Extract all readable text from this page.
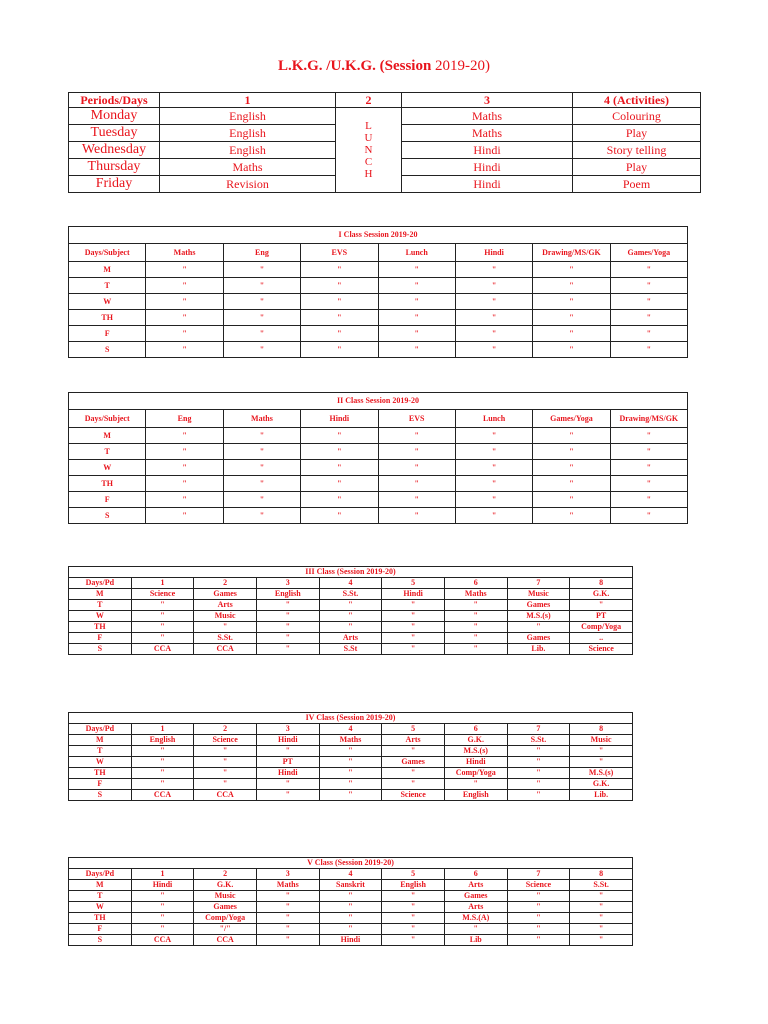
L.K.G. /U.K.G. (Session 2019-20)
Periods/Days	1	2	3	4 (Activities)
Monday	English	L U N C H	Maths	Colouring
Tuesday	English		Maths	Play
Wednesday	English		Hindi	Story telling
Thursday	Maths		Hindi	Play
Friday	Revision		Hindi	Poem
I Class Session 2019-20							
Days/Subject	Maths	Eng	EVS	Lunch	Hindi	Drawing/MS/GK	Games/Yoga
M	"	"	"	"	"	"	"
T	"	"	"	"	"	"	"
W	"	"	"	"	"	"	"
TH	"	"	"	"	"	"	"
F	"	"	"	"	"	"	"
S	"	"	"	"	"	"	"
II Class Session 2019-20							
Days/Subject	Eng	Maths	Hindi	EVS	Lunch	Games/Yoga	Drawing/MS/GK
M	"	"	"	"	"	"	"
T	"	"	"	"	"	"	"
W	"	"	"	"	"	"	"
TH	"	"	"	"	"	"	"
F	"	"	"	"	"	"	"
S	"	"	"	"	"	"	"
III Class (Session 2019-20)								
Days/Pd	1	2	3	4	5	6	7	8
M	Science	Games	English	S.St.	Hindi	Maths	Music	G.K.
T	"	Arts	"	"	"	"	Games	"
W	"	Music	"	"	"	"	M.S.(s)	PT
TH	"	"	"	"	"	"	"	Comp/Yoga
F	"	S.St.	"	Arts	"	"	Games	..
S	CCA	CCA	"	S.St	"	"	Lib.	Science
IV Class (Session 2019-20)								
Days/Pd	1	2	3	4	5	6	7	8
M	English	Science	Hindi	Maths	Arts	G.K.	S.St.	Music
T	"	"	"	"	"	M.S.(s)	"	"
W	"	"	PT	"	Games	Hindi	"	"
TH	"	"	Hindi	"	"	Comp/Yoga	"	M.S.(s)
F	"	"	"	"	"	"	"	G.K.
S	CCA	CCA	"	"	Science	English	"	Lib.
V Class (Session 2019-20)								
Days/Pd	1	2	3	4	5	6	7	8
M	Hindi	G.K.	Maths	Sanskrit	English	Arts	Science	S.St.
T	"	Music	"	"	"	Games	"	"
W	"	Games	"	"	"	Arts	"	"
TH	"	Comp/Yoga	"	"	"	M.S.(A)	"	"
F	"	"/"	"	"	"	"	"	"
S	CCA	CCA	"	Hindi	"	Lib	"	"
